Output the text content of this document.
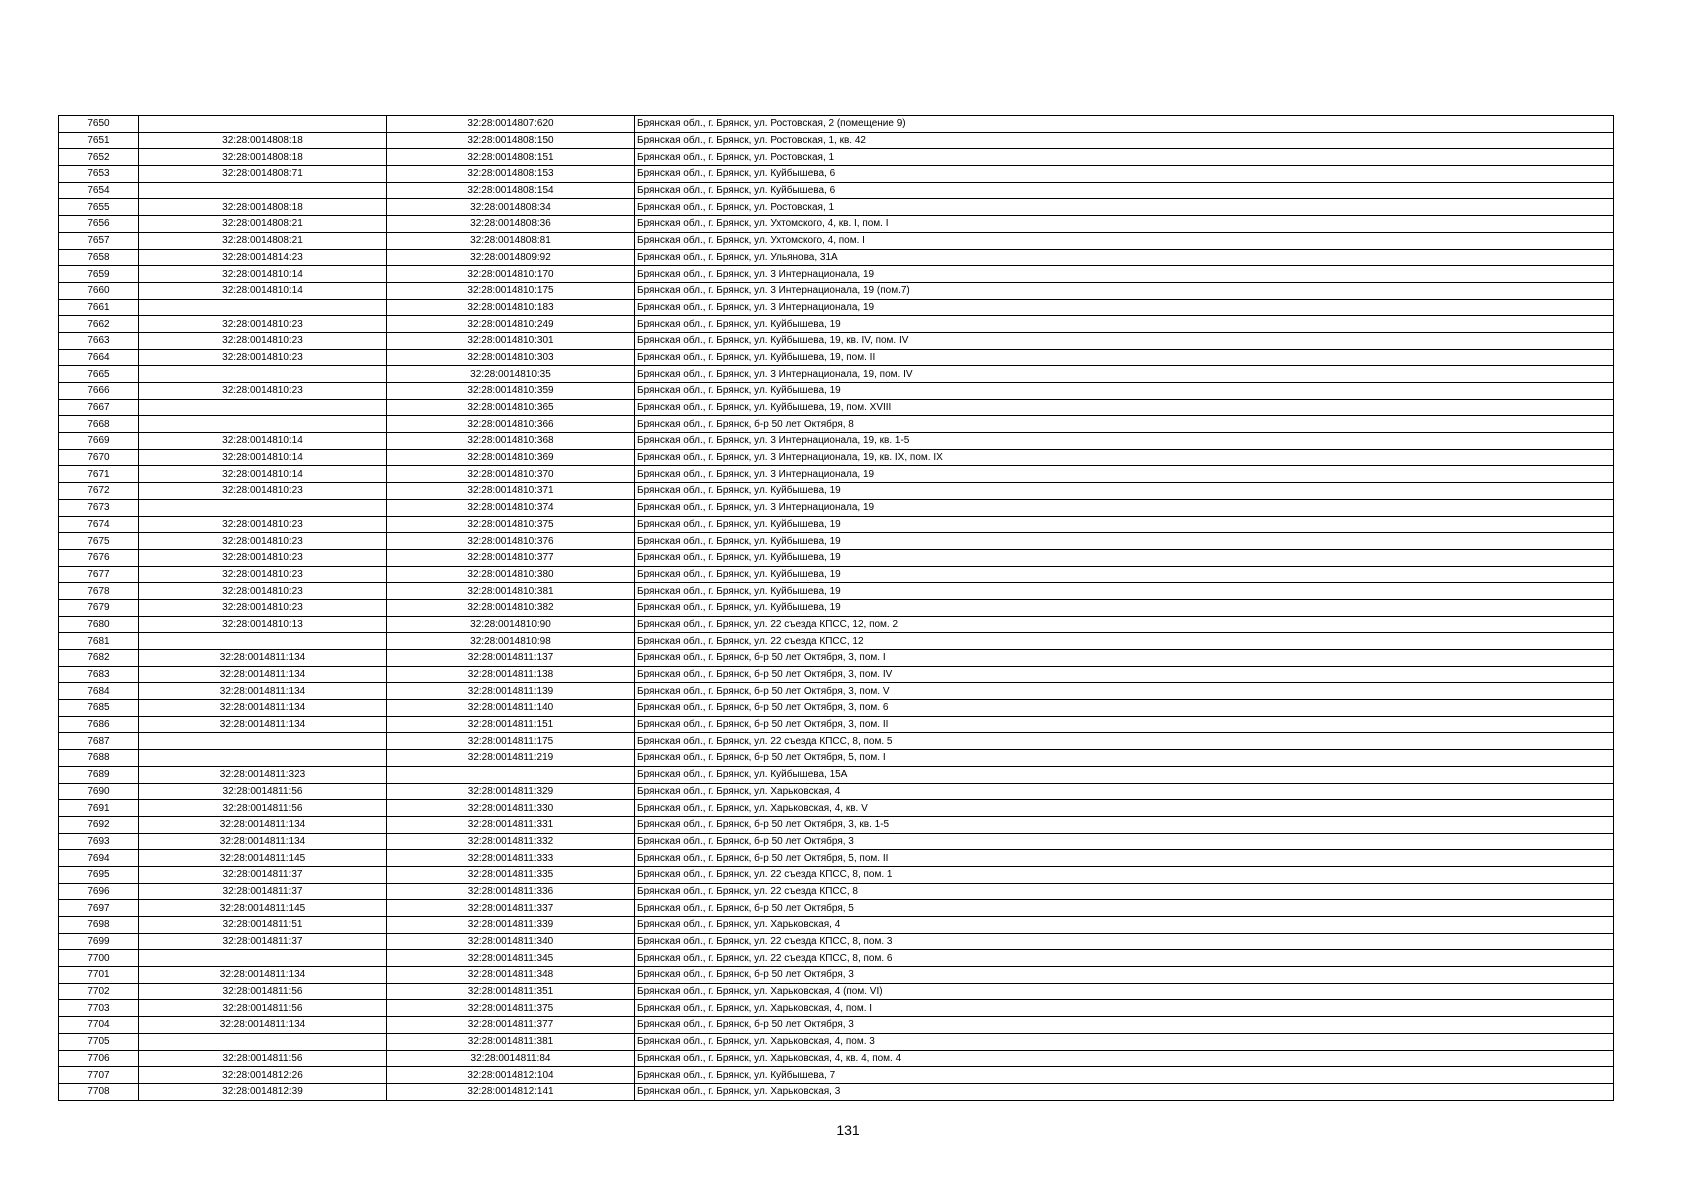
7650		32:28:0014807:620	Брянская обл., г. Брянск, ул. Ростовская, 2 (помещение 9)
7651	32:28:0014808:18	32:28:0014808:150	Брянская обл., г. Брянск, ул. Ростовская, 1, кв. 42
7652	32:28:0014808:18	32:28:0014808:151	Брянская обл., г. Брянск, ул. Ростовская, 1
7653	32:28:0014808:71	32:28:0014808:153	Брянская обл., г. Брянск, ул. Куйбышева, 6
7654		32:28:0014808:154	Брянская обл., г. Брянск, ул. Куйбышева, 6
7655	32:28:0014808:18	32:28:0014808:34	Брянская обл., г. Брянск, ул. Ростовская, 1
7656	32:28:0014808:21	32:28:0014808:36	Брянская обл., г. Брянск, ул. Ухтомского, 4, кв. I, пом. I
7657	32:28:0014808:21	32:28:0014808:81	Брянская обл., г. Брянск, ул. Ухтомского, 4, пом. I
7658	32:28:0014814:23	32:28:0014809:92	Брянская обл., г. Брянск, ул. Ульянова, 31А
7659	32:28:0014810:14	32:28:0014810:170	Брянская обл., г. Брянск, ул. 3 Интернационала, 19
7660	32:28:0014810:14	32:28:0014810:175	Брянская обл., г. Брянск, ул. 3 Интернационала, 19 (пом.7)
7661		32:28:0014810:183	Брянская обл., г. Брянск, ул. 3 Интернационала, 19
7662	32:28:0014810:23	32:28:0014810:249	Брянская обл., г. Брянск, ул. Куйбышева, 19
7663	32:28:0014810:23	32:28:0014810:301	Брянская обл., г. Брянск, ул. Куйбышева, 19, кв. IV, пом. IV
7664	32:28:0014810:23	32:28:0014810:303	Брянская обл., г. Брянск, ул. Куйбышева, 19, пом. II
7665		32:28:0014810:35	Брянская обл., г. Брянск, ул. 3 Интернационала, 19, пом. IV
7666	32:28:0014810:23	32:28:0014810:359	Брянская обл., г. Брянск, ул. Куйбышева, 19
7667		32:28:0014810:365	Брянская обл., г. Брянск, ул. Куйбышева, 19, пом. XVIII
7668		32:28:0014810:366	Брянская обл., г. Брянск, б-р 50 лет Октября, 8
7669	32:28:0014810:14	32:28:0014810:368	Брянская обл., г. Брянск, ул. 3 Интернационала, 19, кв. 1-5
7670	32:28:0014810:14	32:28:0014810:369	Брянская обл., г. Брянск, ул. 3 Интернационала, 19, кв. IX, пом. IX
7671	32:28:0014810:14	32:28:0014810:370	Брянская обл., г. Брянск, ул. 3 Интернационала, 19
7672	32:28:0014810:23	32:28:0014810:371	Брянская обл., г. Брянск, ул. Куйбышева, 19
7673		32:28:0014810:374	Брянская обл., г. Брянск, ул. 3 Интернационала, 19
7674	32:28:0014810:23	32:28:0014810:375	Брянская обл., г. Брянск, ул. Куйбышева, 19
7675	32:28:0014810:23	32:28:0014810:376	Брянская обл., г. Брянск, ул. Куйбышева, 19
7676	32:28:0014810:23	32:28:0014810:377	Брянская обл., г. Брянск, ул. Куйбышева, 19
7677	32:28:0014810:23	32:28:0014810:380	Брянская обл., г. Брянск, ул. Куйбышева, 19
7678	32:28:0014810:23	32:28:0014810:381	Брянская обл., г. Брянск, ул. Куйбышева, 19
7679	32:28:0014810:23	32:28:0014810:382	Брянская обл., г. Брянск, ул. Куйбышева, 19
7680	32:28:0014810:13	32:28:0014810:90	Брянская обл., г. Брянск, ул. 22 съезда КПСС, 12, пом. 2
7681		32:28:0014810:98	Брянская обл., г. Брянск, ул. 22 съезда КПСС, 12
7682	32:28:0014811:134	32:28:0014811:137	Брянская обл., г. Брянск, б-р 50 лет Октября, 3, пом. I
7683	32:28:0014811:134	32:28:0014811:138	Брянская обл., г. Брянск, б-р 50 лет Октября, 3, пом. IV
7684	32:28:0014811:134	32:28:0014811:139	Брянская обл., г. Брянск, б-р 50 лет Октября, 3, пом. V
7685	32:28:0014811:134	32:28:0014811:140	Брянская обл., г. Брянск, б-р 50 лет Октября, 3, пом. 6
7686	32:28:0014811:134	32:28:0014811:151	Брянская обл., г. Брянск, б-р 50 лет Октября, 3, пом. II
7687		32:28:0014811:175	Брянская обл., г. Брянск, ул. 22 съезда КПСС, 8, пом. 5
7688		32:28:0014811:219	Брянская обл., г. Брянск, б-р 50 лет Октября, 5, пом. I
7689	32:28:0014811:323		Брянская обл., г. Брянск, ул. Куйбышева, 15А
7690	32:28:0014811:56	32:28:0014811:329	Брянская обл., г. Брянск, ул. Харьковская, 4
7691	32:28:0014811:56	32:28:0014811:330	Брянская обл., г. Брянск, ул. Харьковская, 4, кв. V
7692	32:28:0014811:134	32:28:0014811:331	Брянская обл., г. Брянск, б-р 50 лет Октября, 3, кв. 1-5
7693	32:28:0014811:134	32:28:0014811:332	Брянская обл., г. Брянск, б-р 50 лет Октября, 3
7694	32:28:0014811:145	32:28:0014811:333	Брянская обл., г. Брянск, б-р 50 лет Октября, 5, пом. II
7695	32:28:0014811:37	32:28:0014811:335	Брянская обл., г. Брянск, ул. 22 съезда КПСС, 8, пом. 1
7696	32:28:0014811:37	32:28:0014811:336	Брянская обл., г. Брянск, ул. 22 съезда КПСС, 8
7697	32:28:0014811:145	32:28:0014811:337	Брянская обл., г. Брянск, б-р 50 лет Октября, 5
7698	32:28:0014811:51	32:28:0014811:339	Брянская обл., г. Брянск, ул. Харьковская, 4
7699	32:28:0014811:37	32:28:0014811:340	Брянская обл., г. Брянск, ул. 22 съезда КПСС, 8, пом. 3
7700		32:28:0014811:345	Брянская обл., г. Брянск, ул. 22 съезда КПСС, 8, пом. 6
7701	32:28:0014811:134	32:28:0014811:348	Брянская обл., г. Брянск, б-р 50 лет Октября, 3
7702	32:28:0014811:56	32:28:0014811:351	Брянская обл., г. Брянск, ул. Харьковская, 4 (пом. VI)
7703	32:28:0014811:56	32:28:0014811:375	Брянская обл., г. Брянск, ул. Харьковская, 4, пом. I
7704	32:28:0014811:134	32:28:0014811:377	Брянская обл., г. Брянск, б-р 50 лет Октября, 3
7705		32:28:0014811:381	Брянская обл., г. Брянск, ул. Харьковская, 4, пом. 3
7706	32:28:0014811:56	32:28:0014811:84	Брянская обл., г. Брянск, ул. Харьковская, 4, кв. 4, пом. 4
7707	32:28:0014812:26	32:28:0014812:104	Брянская обл., г. Брянск, ул. Куйбышева, 7
7708	32:28:0014812:39	32:28:0014812:141	Брянская обл., г. Брянск, ул. Харьковская, 3
131
